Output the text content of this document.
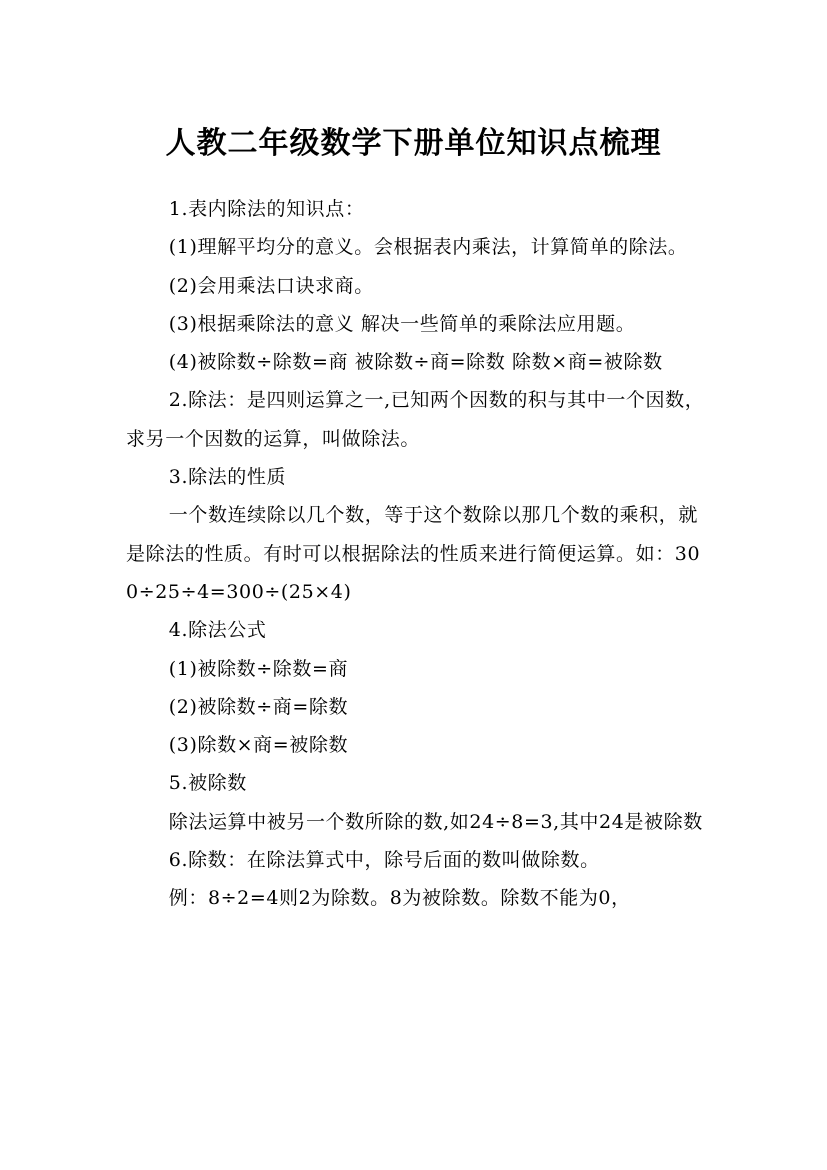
人教二年级数学下册单位知识点梳理

1.表内除法的知识点：

(1)理解平均分的意义。会根据表内乘法，计算简单的除法。

(2)会用乘法口诀求商。

(3)根据乘除法的意义 解决一些简单的乘除法应用题。

(4)被除数÷除数=商 被除数÷商=除数 除数×商=被除数

2.除法：是四则运算之一,已知两个因数的积与其中一个因数，求另一个因数的运算，叫做除法。

3.除法的性质

一个数连续除以几个数，等于这个数除以那几个数的乘积，就是除法的性质。有时可以根据除法的性质来进行简便运算。如：300÷25÷4=300÷(25×4)

4.除法公式

(1)被除数÷除数=商

(2)被除数÷商=除数

(3)除数×商=被除数

5.被除数

除法运算中被另一个数所除的数,如24÷8=3,其中24是被除数

6.除数：在除法算式中，除号后面的数叫做除数。

例：8÷2=4则2为除数。8为被除数。除数不能为0，
